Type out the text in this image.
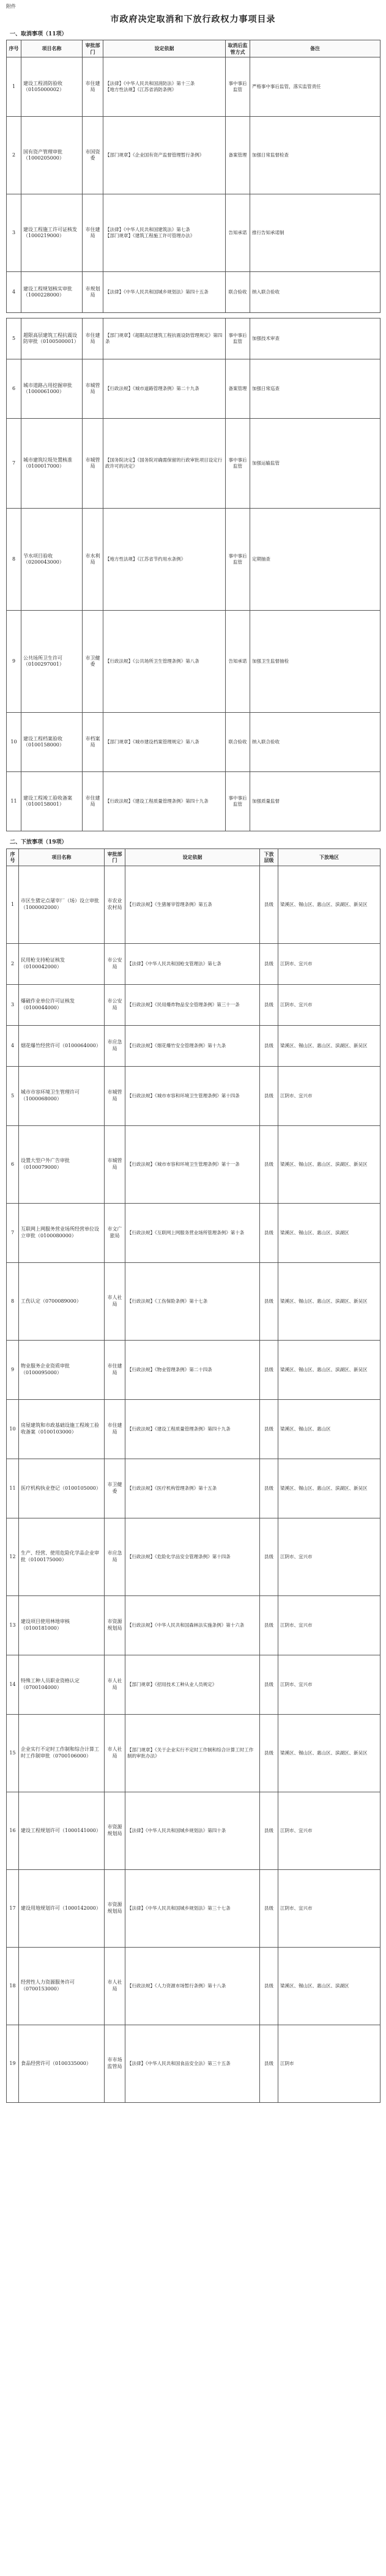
附件
市政府决定取消和下放行政权力事项目录
一、取消事项（11项）
序号	项目名称	审批部门	设定依据	取消后监管方式	备注
1	建设工程消防验收（0105000002）	市住建局	【法律】《中华人民共和国消防法》第十三条
【地方性法规】《江苏省消防条例》	事中事后监管	严格事中事后监管，落实监管责任
2	国有资产管理审批（1000205000）	市国资委	【部门规章】《企业国有资产监督管理暂行条例》	备案管理	加强日常监督检查
3	建设工程施工许可证核发（1000219000）	市住建局	【法律】《中华人民共和国建筑法》第七条
【部门规章】《建筑工程施工许可管理办法》	告知承诺	推行告知承诺制
4	建设工程规划核实审批（1000228000）	市规划局	【法律】《中华人民共和国城乡规划法》第四十五条	联合验收	纳入联合验收
5	超限高层建筑工程抗震设防审批（0100500001）	市住建局	【部门规章】《超限高层建筑工程抗震设防管理规定》第四条	事中事后监管	加强技术审查
6	城市道路占用挖掘审批（1000061000）	市城管局	【行政法规】《城市道路管理条例》第二十九条	备案管理	加强日常巡查
7	城市建筑垃圾处置核准（0100017000）	市城管局	【国务院决定】《国务院对确需保留的行政审批项目设定行政许可的决定》	事中事后监管	加强运输监管
8	节水项目验收（0200043000）	市水利局	【地方性法规】《江苏省节约用水条例》	事中事后监管	定期抽查
9	公共场所卫生许可（0100297001）	市卫健委	【行政法规】《公共场所卫生管理条例》第八条	告知承诺	加强卫生监督抽检
10	建设工程档案验收（0100158000）	市档案局	【部门规章】《城市建设档案管理规定》第八条	联合验收	纳入联合验收
11	建设工程竣工验收备案（0100158001）	市住建局	【行政法规】《建设工程质量管理条例》第四十九条	事中事后监管	加强质量监督
二、下放事项（19项）
序号	项目名称	审批部门	设定依据	下放层级	下放地区
1	市区生猪定点屠宰厂（场）设立审批（1000002000）	市农业农村局	【行政法规】《生猪屠宰管理条例》第五条	县级	梁溪区、锡山区、惠山区、滨湖区、新吴区
2	民用枪支持枪证核发（0100042000）	市公安局	【法律】《中华人民共和国枪支管理法》第七条	县级	江阴市、宜兴市
3	爆破作业单位许可证核发（0100044000）	市公安局	【行政法规】《民用爆炸物品安全管理条例》第三十一条	县级	江阴市、宜兴市
4	烟花爆竹经营许可（0100064000）	市应急局	【行政法规】《烟花爆竹安全管理条例》第十九条	县级	梁溪区、锡山区、惠山区、滨湖区、新吴区
5	城市市容环境卫生管理许可（1000068000）	市城管局	【行政法规】《城市市容和环境卫生管理条例》第十四条	县级	江阴市、宜兴市
6	设置大型户外广告审批（0100079000）	市城管局	【行政法规】《城市市容和环境卫生管理条例》第十一条	县级	梁溪区、锡山区、惠山区、滨湖区、新吴区
7	互联网上网服务营业场所经营单位设立审批（0100080000）	市文广旅局	【行政法规】《互联网上网服务营业场所管理条例》第十条	县级	梁溪区、锡山区、惠山区、滨湖区
8	工伤认定（0700089000）	市人社局	【行政法规】《工伤保险条例》第十七条	县级	梁溪区、锡山区、惠山区、滨湖区、新吴区
9	物业服务企业资质审批（0100095000）	市住建局	【行政法规】《物业管理条例》第二十四条	县级	梁溪区、锡山区、惠山区、滨湖区、新吴区
10	房屋建筑和市政基础设施工程竣工验收备案（0100103000）	市住建局	【行政法规】《建设工程质量管理条例》第四十九条	县级	梁溪区、锡山区、惠山区
11	医疗机构执业登记（0100105000）	市卫健委	【行政法规】《医疗机构管理条例》第十五条	县级	梁溪区、锡山区、惠山区、滨湖区、新吴区
12	生产、经营、使用危险化学品企业审批（0100175000）	市应急局	【行政法规】《危险化学品安全管理条例》第十四条	县级	江阴市、宜兴市
13	建设项目使用林地审核（0100181000）	市资源规划局	【行政法规】《中华人民共和国森林法实施条例》第十六条	县级	江阴市、宜兴市
14	特殊工种人员职业资格认定（0700104000）	市人社局	【部门规章】《招用技术工种从业人员规定》	县级	江阴市、宜兴市
15	企业实行不定时工作制和综合计算工时工作制审批（0700106000）	市人社局	【部门规章】《关于企业实行不定时工作制和综合计算工时工作制的审批办法》	县级	梁溪区、锡山区、惠山区、滨湖区、新吴区
16	建设工程规划许可（1000141000）	市资源规划局	【法律】《中华人民共和国城乡规划法》第四十条	县级	江阴市、宜兴市
17	建设用地规划许可（1000142000）	市资源规划局	【法律】《中华人民共和国城乡规划法》第三十七条	县级	江阴市、宜兴市
18	经营性人力资源服务许可（0700153000）	市人社局	【行政法规】《人力资源市场暂行条例》第十八条	县级	梁溪区、锡山区、惠山区、滨湖区
19	食品经营许可（0100335000）	市市场监管局	【法律】《中华人民共和国食品安全法》第三十五条	县级	江阴市
